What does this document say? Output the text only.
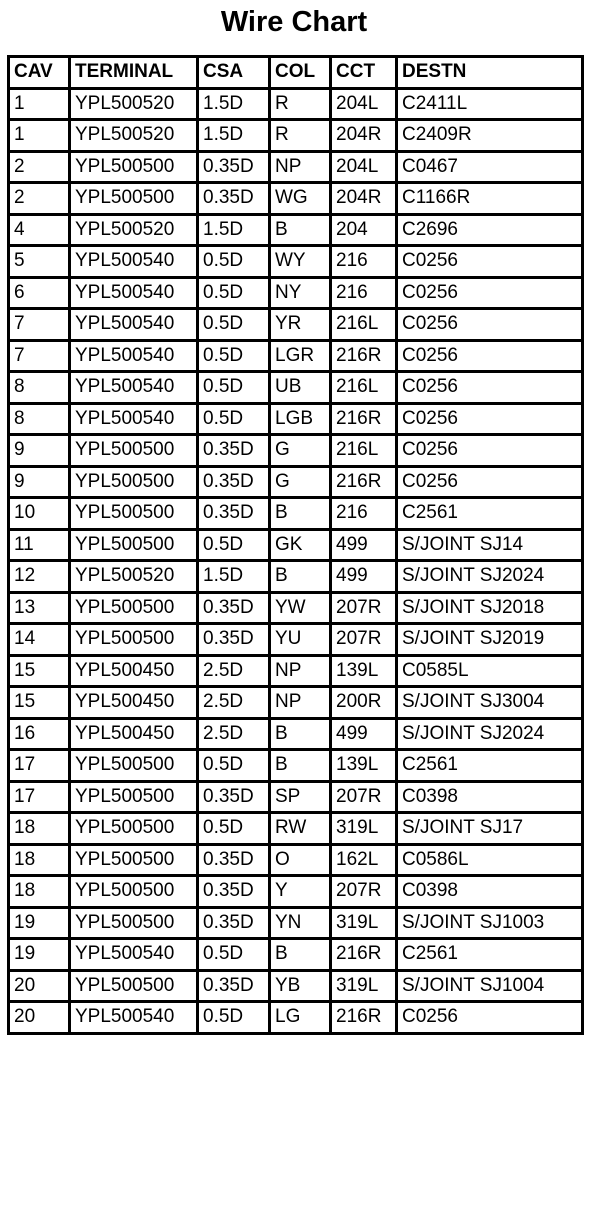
Wire Chart
CAV	TERMINAL	CSA	COL	CCT	DESTN
1	YPL500520	1.5D	R	204L	C2411L
1	YPL500520	1.5D	R	204R	C2409R
2	YPL500500	0.35D	NP	204L	C0467
2	YPL500500	0.35D	WG	204R	C1166R
4	YPL500520	1.5D	B	204	C2696
5	YPL500540	0.5D	WY	216	C0256
6	YPL500540	0.5D	NY	216	C0256
7	YPL500540	0.5D	YR	216L	C0256
7	YPL500540	0.5D	LGR	216R	C0256
8	YPL500540	0.5D	UB	216L	C0256
8	YPL500540	0.5D	LGB	216R	C0256
9	YPL500500	0.35D	G	216L	C0256
9	YPL500500	0.35D	G	216R	C0256
10	YPL500500	0.35D	B	216	C2561
11	YPL500500	0.5D	GK	499	S/JOINT SJ14
12	YPL500520	1.5D	B	499	S/JOINT SJ2024
13	YPL500500	0.35D	YW	207R	S/JOINT SJ2018
14	YPL500500	0.35D	YU	207R	S/JOINT SJ2019
15	YPL500450	2.5D	NP	139L	C0585L
15	YPL500450	2.5D	NP	200R	S/JOINT SJ3004
16	YPL500450	2.5D	B	499	S/JOINT SJ2024
17	YPL500500	0.5D	B	139L	C2561
17	YPL500500	0.35D	SP	207R	C0398
18	YPL500500	0.5D	RW	319L	S/JOINT SJ17
18	YPL500500	0.35D	O	162L	C0586L
18	YPL500500	0.35D	Y	207R	C0398
19	YPL500500	0.35D	YN	319L	S/JOINT SJ1003
19	YPL500540	0.5D	B	216R	C2561
20	YPL500500	0.35D	YB	319L	S/JOINT SJ1004
20	YPL500540	0.5D	LG	216R	C0256
